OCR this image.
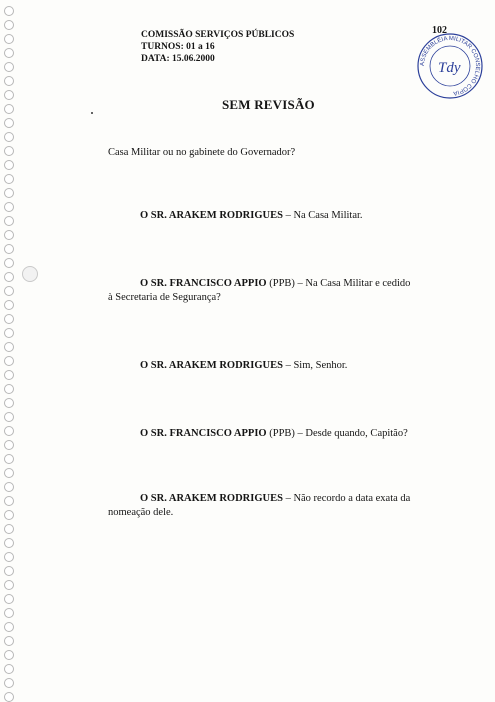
COMISSÃO SERVIÇOS PÚBLICOS
TURNOS: 01 a 16
DATA: 15.06.2000
102
ASSEMBLÉIA MILITAR CONSELHO COPIA
Tdy
SEM REVISÃO
Casa Militar ou no gabinete do Governador?
O SR. ARAKEM RODRIGUES – Na Casa Militar.
O SR. FRANCISCO APPIO (PPB) – Na Casa Militar e cedido
à Secretaria de Segurança?
O SR. ARAKEM RODRIGUES – Sim, Senhor.
O SR. FRANCISCO APPIO (PPB) – Desde quando, Capitão?
O SR. ARAKEM RODRIGUES – Não recordo a data exata da
nomeação dele.
